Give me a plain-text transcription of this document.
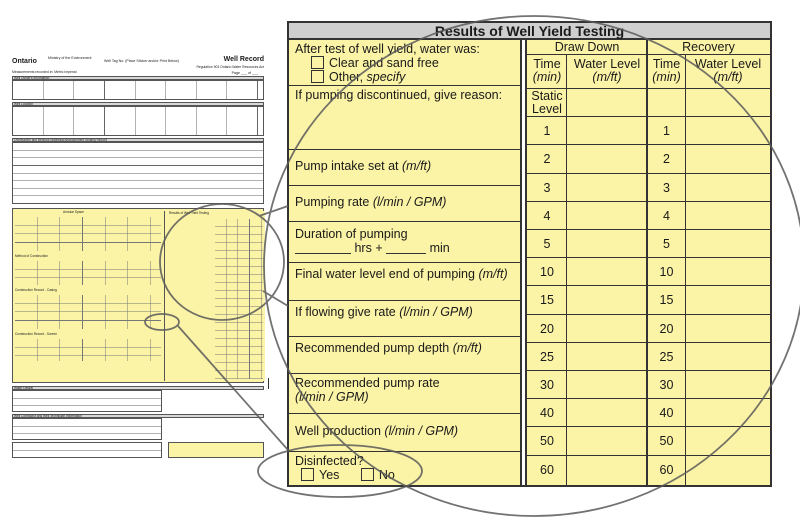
Ontario	Ministry of the Environment
Well Tag No. (Place Sticker and/or Print Below)	Well Record
Regulation 903 Ontario Water Resources Act
Page ___ of ___
Measurements recorded in: Metric Imperial
Well Owner's Information
Well Location
Overburden and Bedrock Materials/Abandonment Sealing Record
Annular Space
Method of Construction
Construction Record - Casing
Construction Record - Screen
Results of Well Yield Testing
Water Details
Well Contractor and Well Technician Information
Results of Well Yield Testing
After test of well yield, water was:
Clear and sand free
Other, specify
If pumping discontinued, give reason:
Pump intake set at (m/ft)
Pumping rate (l/min / GPM)
Duration of pumping
hrs +	min
Final water level end of pumping (m/ft)
If flowing give rate (l/min / GPM)
Recommended pump depth (m/ft)
Recommended pump rate
(l/min / GPM)
Well production (l/min / GPM)
Disinfected?
Yes	No
Draw Down	Recovery
Time
(min)
Water Level
(m/ft)
Time
(min)
Water Level
(m/ft)
Static Level
1	1
2	2
3	3
4	4
5	5
10	10
15	15
20	20
25	25
30	30
40	40
50	50
60	60
